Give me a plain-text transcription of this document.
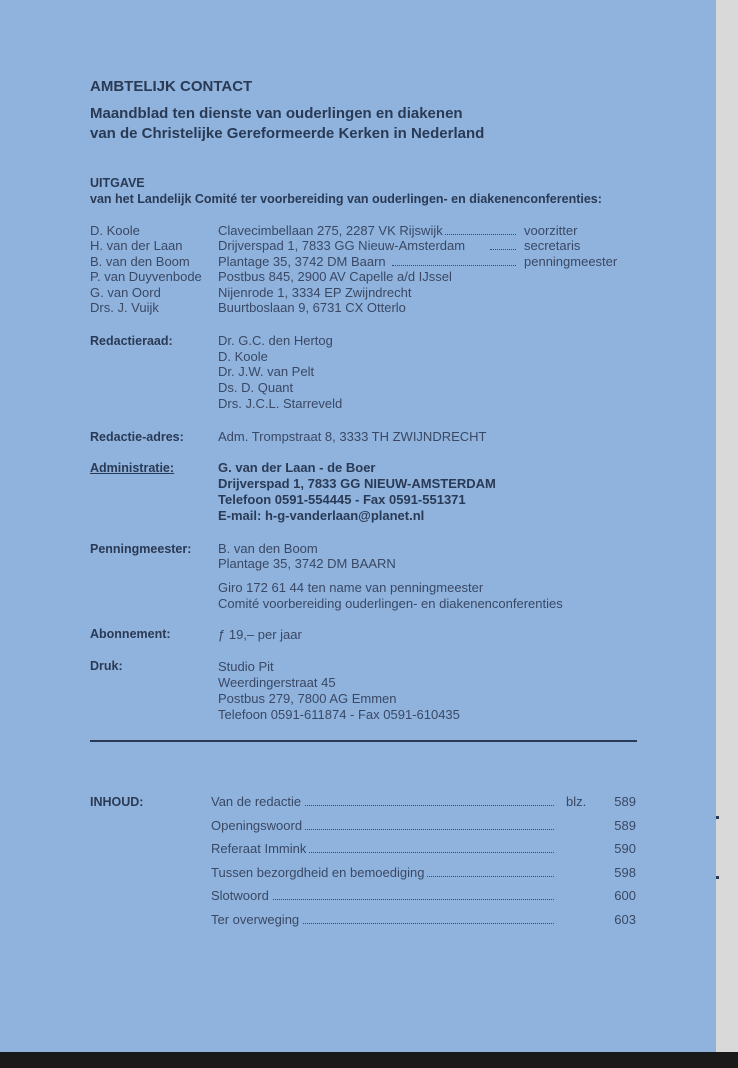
AMBTELIJK CONTACT
Maandblad ten dienste van ouderlingen en diakenen
van de Christelijke Gereformeerde Kerken in Nederland
UITGAVE
van het Landelijk Comité ter voorbereiding van ouderlingen- en diakenenconferenties:
D. Koole	Clavecimbellaan 275, 2287 VK Rijswijk	voorzitter
H. van der Laan	Drijverspad 1, 7833 GG Nieuw-Amsterdam	secretaris
B. van den Boom Plantage 35, 3742 DM Baarn	penningmeester
P. van Duyvenbode Postbus 845, 2900 AV Capelle a/d IJssel
G. van Oord	Nijenrode 1, 3334 EP Zwijndrecht
Drs. J. Vuijk	Buurtboslaan 9, 6731 CX Otterlo
Redactieraad:	Dr. G.C. den Hertog
D. Koole
Dr. J.W. van Pelt
Ds. D. Quant
Drs. J.C.L. Starreveld
Redactie-adres:	Adm. Trompstraat 8, 3333 TH ZWIJNDRECHT
Administratie:	G. van der Laan - de Boer
Drijverspad 1, 7833 GG NIEUW-AMSTERDAM
Telefoon 0591-554445 - Fax 0591-551371
E-mail: h-g-vanderlaan@planet.nl
Penningmeester: B. van den Boom
Plantage 35, 3742 DM BAARN
Giro 172 61 44 ten name van penningmeester
Comité voorbereiding ouderlingen- en diakenenconferenties
Abonnement:	ƒ 19,– per jaar
Druk:	Studio Pit
Weerdingerstraat 45
Postbus 279, 7800 AG Emmen
Telefoon 0591-611874 - Fax 0591-610435
INHOUD:	Van de redactie	blz. 589
Openingswoord	589
Referaat Immink	590
Tussen bezorgdheid en bemoediging	598
Slotwoord	600
Ter overweging	603
